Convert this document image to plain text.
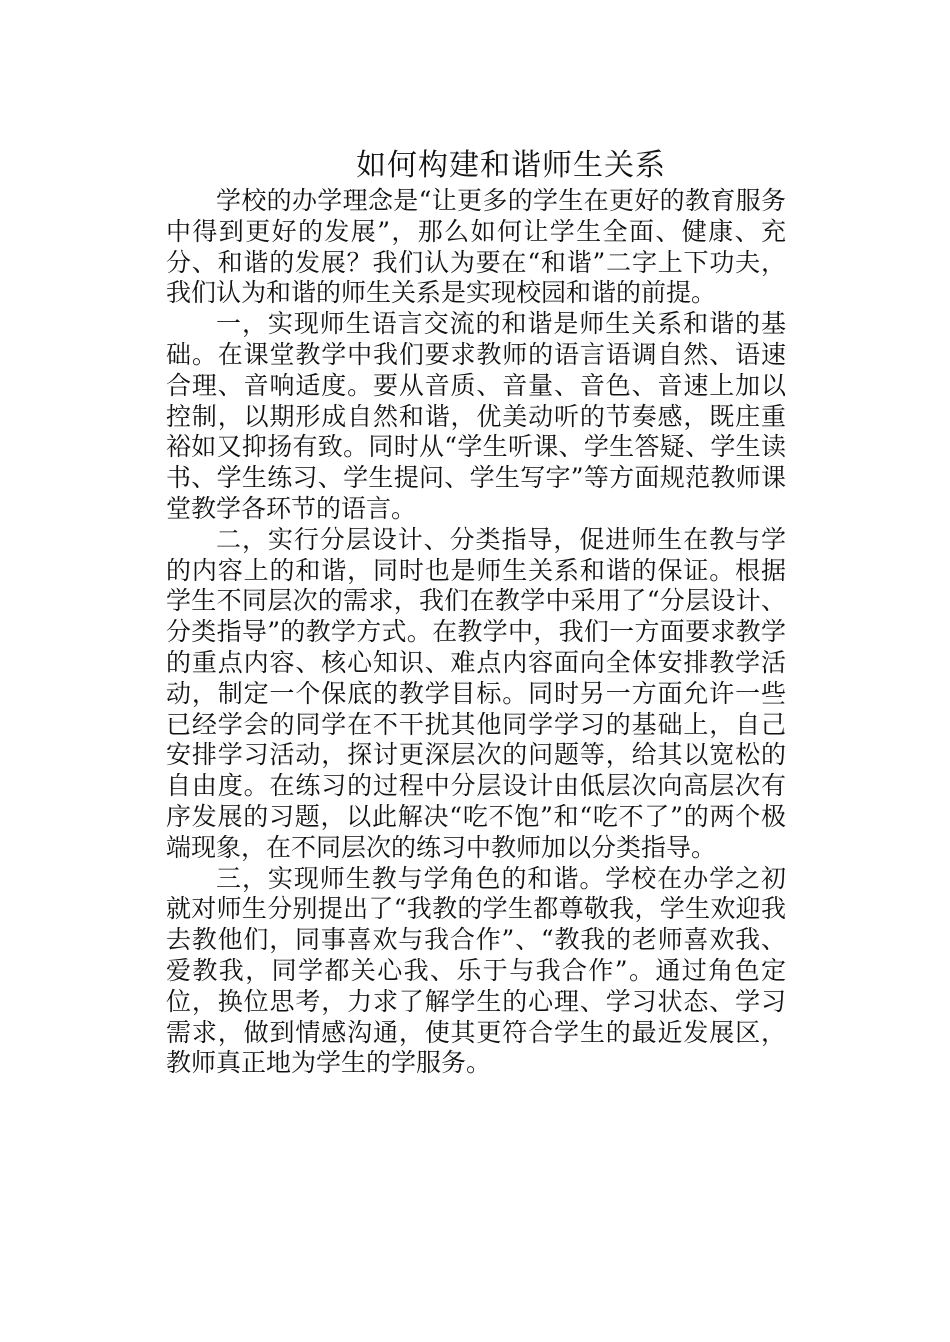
如何构建和谐师生关系

学校的办学理念是“让更多的学生在更好的教育服务中得到更好的发展”，那么如何让学生全面、健康、充分、和谐的发展？我们认为要在“和谐”二字上下功夫，我们认为和谐的师生关系是实现校园和谐的前提。

一，实现师生语言交流的和谐是师生关系和谐的基础。在课堂教学中我们要求教师的语言语调自然、语速合理、音响适度。要从音质、音量、音色、音速上加以控制，以期形成自然和谐，优美动听的节奏感，既庄重裕如又抑扬有致。同时从“学生听课、学生答疑、学生读书、学生练习、学生提问、学生写字”等方面规范教师课堂教学各环节的语言。

二，实行分层设计、分类指导，促进师生在教与学的内容上的和谐，同时也是师生关系和谐的保证。根据学生不同层次的需求，我们在教学中采用了“分层设计、分类指导”的教学方式。在教学中，我们一方面要求教学的重点内容、核心知识、难点内容面向全体安排教学活动，制定一个保底的教学目标。同时另一方面允许一些已经学会的同学在不干扰其他同学学习的基础上，自己安排学习活动，探讨更深层次的问题等，给其以宽松的自由度。在练习的过程中分层设计由低层次向高层次有序发展的习题，以此解决“吃不饱”和“吃不了”的两个极端现象，在不同层次的练习中教师加以分类指导。

三，实现师生教与学角色的和谐。学校在办学之初就对师生分别提出了“我教的学生都尊敬我，学生欢迎我去教他们，同事喜欢与我合作”、“教我的老师喜欢我、爱教我，同学都关心我、乐于与我合作”。通过角色定位，换位思考，力求了解学生的心理、学习状态、学习需求，做到情感沟通，使其更符合学生的最近发展区，教师真正地为学生的学服务。
